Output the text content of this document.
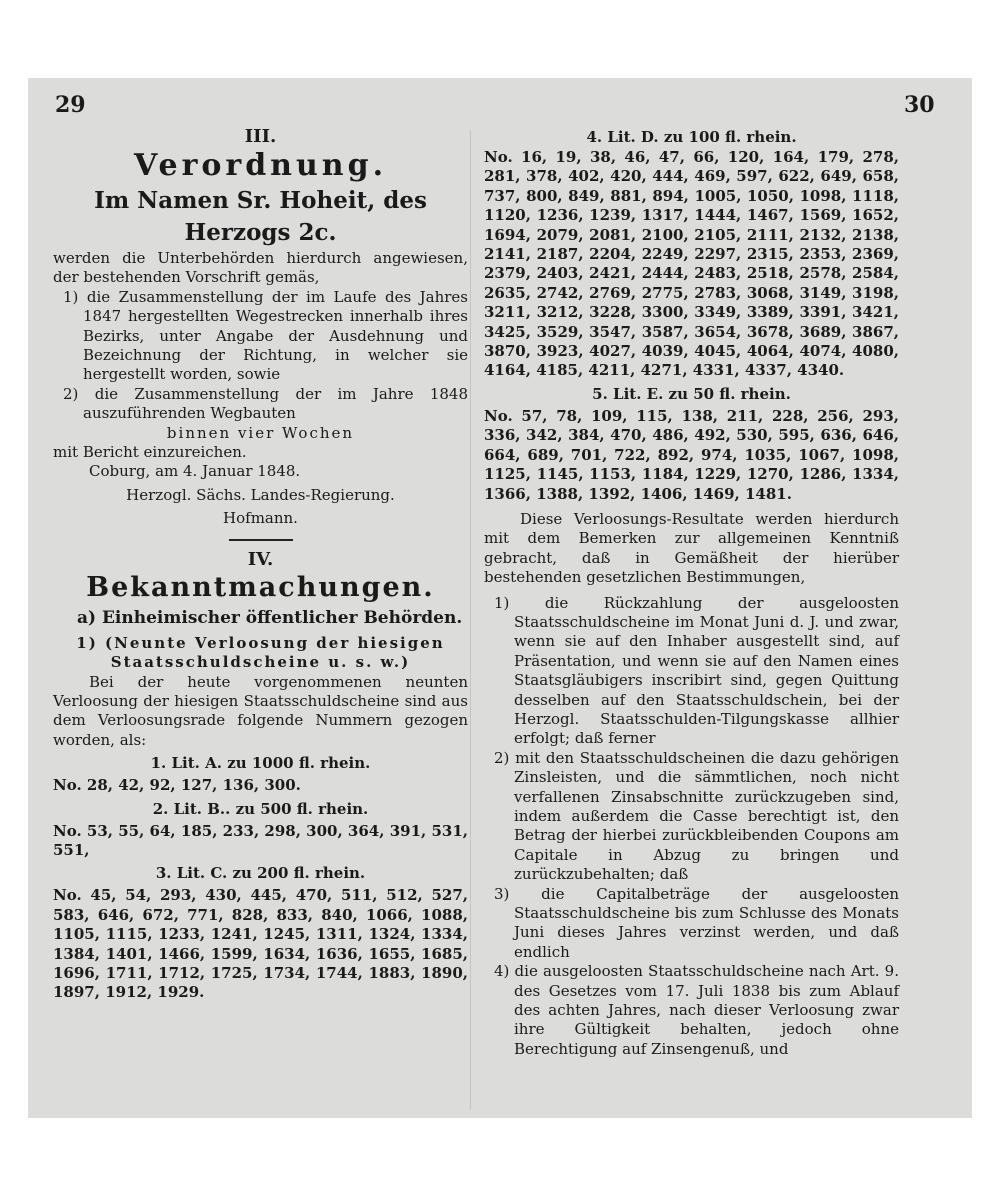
29	30

III.

Verordnung.

Im Namen Sr. Hoheit, des Herzogs 2c.

werden die Unterbehörden hierdurch angewiesen, der bestehenden Vorschrift gemäs,

1) die Zusammenstellung der im Laufe des Jahres 1847 hergestellten Wegestrecken innerhalb ihres Bezirks, unter Angabe der Ausdehnung und Bezeichnung der Richtung, in welcher sie hergestellt worden, sowie

2) die Zusammenstellung der im Jahre 1848 auszuführenden Wegbauten

binnen vier Wochen

mit Bericht einzureichen.

Coburg, am 4. Januar 1848.

Herzogl. Sächs. Landes-Regierung.

Hofmann.

IV.

Bekanntmachungen.

a) Einheimischer öffentlicher Behörden.

1) (Neunte Verloosung der hiesigen Staatsschuldscheine u. s. w.)

Bei der heute vorgenommenen neunten Verloosung der hiesigen Staatsschuldscheine sind aus dem Verloosungsrade folgende Nummern gezogen worden, als:

1. Lit. A. zu 1000 fl. rhein.

No. 28, 42, 92, 127, 136, 300.

2. Lit. B.. zu 500 fl. rhein.

No. 53, 55, 64, 185, 233, 298, 300, 364, 391, 531, 551,

3. Lit. C. zu 200 fl. rhein.

No. 45, 54, 293, 430, 445, 470, 511, 512, 527, 583, 646, 672, 771, 828, 833, 840, 1066, 1088, 1105, 1115, 1233, 1241, 1245, 1311, 1324, 1334, 1384, 1401, 1466, 1599, 1634, 1636, 1655, 1685, 1696, 1711, 1712, 1725, 1734, 1744, 1883, 1890, 1897, 1912, 1929.

4. Lit. D. zu 100 fl. rhein.

No. 16, 19, 38, 46, 47, 66, 120, 164, 179, 278, 281, 378, 402, 420, 444, 469, 597, 622, 649, 658, 737, 800, 849, 881, 894, 1005, 1050, 1098, 1118, 1120, 1236, 1239, 1317, 1444, 1467, 1569, 1652, 1694, 2079, 2081, 2100, 2105, 2111, 2132, 2138, 2141, 2187, 2204, 2249, 2297, 2315, 2353, 2369, 2379, 2403, 2421, 2444, 2483, 2518, 2578, 2584, 2635, 2742, 2769, 2775, 2783, 3068, 3149, 3198, 3211, 3212, 3228, 3300, 3349, 3389, 3391, 3421, 3425, 3529, 3547, 3587, 3654, 3678, 3689, 3867, 3870, 3923, 4027, 4039, 4045, 4064, 4074, 4080, 4164, 4185, 4211, 4271, 4331, 4337, 4340.

5. Lit. E. zu 50 fl. rhein.

No. 57, 78, 109, 115, 138, 211, 228, 256, 293, 336, 342, 384, 470, 486, 492, 530, 595, 636, 646, 664, 689, 701, 722, 892, 974, 1035, 1067, 1098, 1125, 1145, 1153, 1184, 1229, 1270, 1286, 1334, 1366, 1388, 1392, 1406, 1469, 1481.

Diese Verloosungs-Resultate werden hierdurch mit dem Bemerken zur allgemeinen Kenntniß gebracht, daß in Gemäßheit der hierüber bestehenden gesetzlichen Bestimmungen,

1) die Rückzahlung der ausgeloosten Staatsschuldscheine im Monat Juni d. J. und zwar, wenn sie auf den Inhaber ausgestellt sind, auf Präsentation, und wenn sie auf den Namen eines Staatsgläubigers inscribirt sind, gegen Quittung desselben auf den Staatsschuldschein, bei der Herzogl. Staatsschulden-Tilgungskasse allhier erfolgt; daß ferner

2) mit den Staatsschuldscheinen die dazu gehörigen Zinsleisten, und die sämmtlichen, noch nicht verfallenen Zinsabschnitte zurückzugeben sind, indem außerdem die Casse berechtigt ist, den Betrag der hierbei zurückbleibenden Coupons am Capitale in Abzug zu bringen und zurückzubehalten; daß

3) die Capitalbeträge der ausgeloosten Staatsschuldscheine bis zum Schlusse des Monats Juni dieses Jahres verzinst werden, und daß endlich

4) die ausgeloosten Staatsschuldscheine nach Art. 9. des Gesetzes vom 17. Juli 1838 bis zum Ablauf des achten Jahres, nach dieser Verloosung zwar ihre Gültigkeit behalten, jedoch ohne Berechtigung auf Zinsengenuß, und
